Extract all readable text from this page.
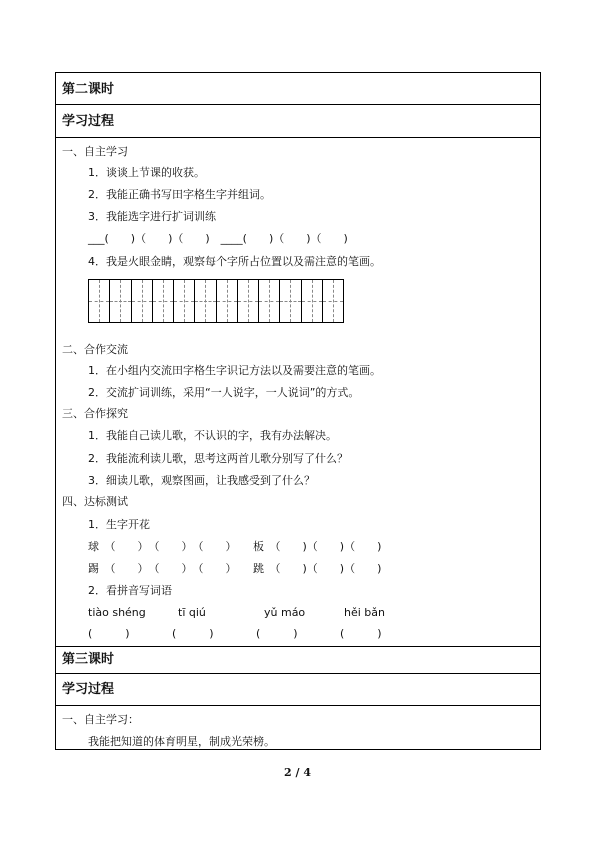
第二课时
学习过程
一、自主学习
1．谈谈上节课的收获。
2．我能正确书写田字格生字并组词。
3．我能选字进行扩词训练
___(　　)（　　)（　　)　____(　　)（　　)（　　)
4．我是火眼金睛，观察每个字所占位置以及需注意的笔画。
二、合作交流
1．在小组内交流田字格生字识记方法以及需要注意的笔画。
2．交流扩词训练，采用“一人说字，一人说词”的方式。
三、合作探究
1．我能自己读儿歌，不认识的字，我有办法解决。
2．我能流利读儿歌，思考这两首儿歌分别写了什么？
3．细读儿歌，观察图画，让我感受到了什么？
四、达标测试
1．生字开花
球　（　　）　（　　）　（　　）　　板　（　　)（　　)（　　)
踢　（　　）　（　　）　（　　）　　跳　（　　)（　　)（　　)
2．看拼音写词语
tiào shéng	tī qiú	yǔ máo	hěi bǎn
(　　　)	(　　　)	(　　　)	(　　　)
第三课时
学习过程
一、自主学习：
我能把知道的体育明星，制成光荣榜。
2 / 4
